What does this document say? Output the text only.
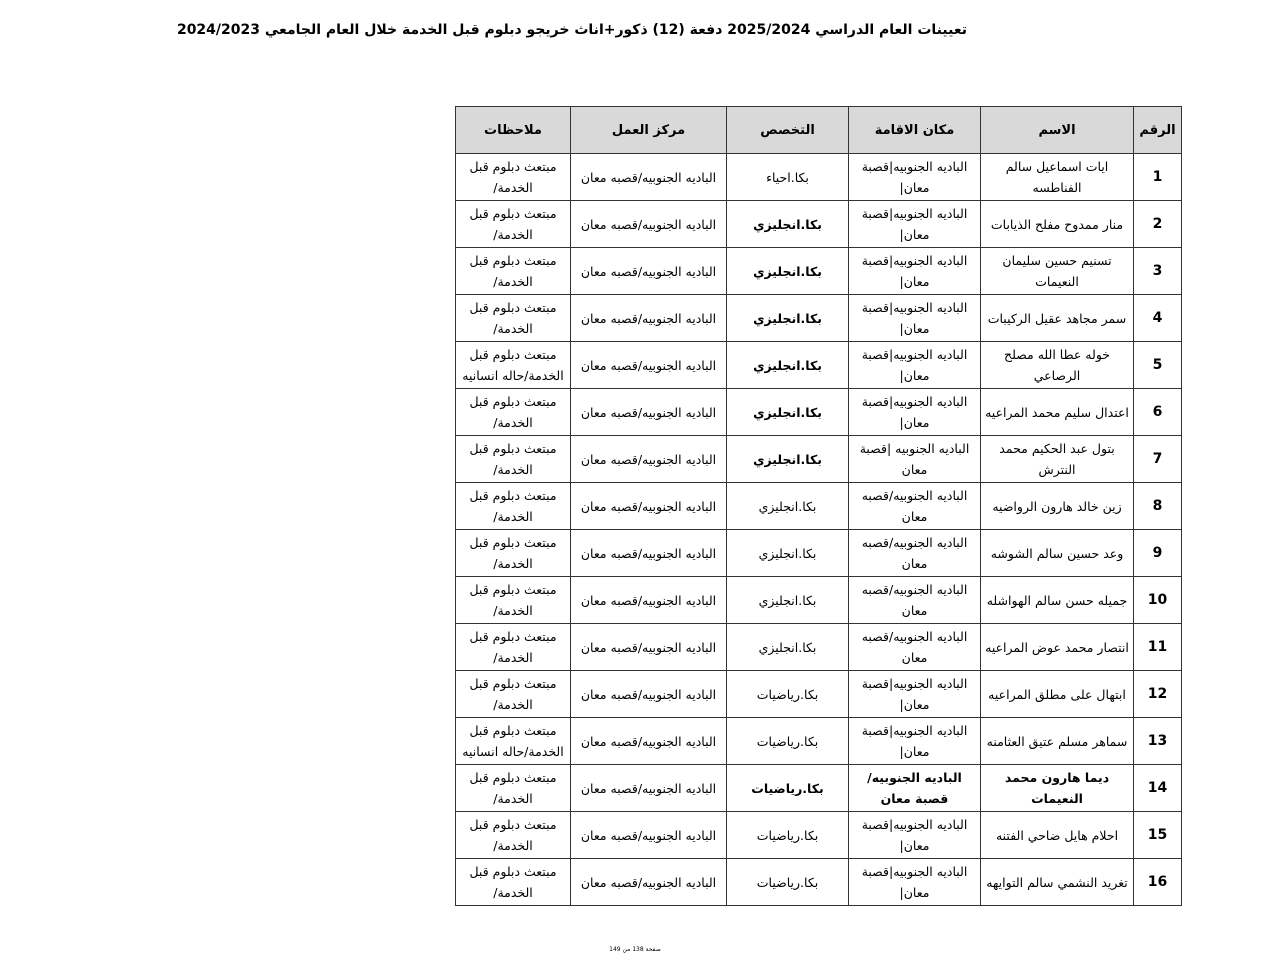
تعيينات العام الدراسي 2025/2024 دفعة (12) ذكور+اناث خريجو دبلوم قبل الخدمة خلال العام الجامعي 2024/2023
الرقم	الاسم	مكان الاقامة	التخصص	مركز العمل	ملاحظات
1	ايات اسماعيل سالم الفناطسه	الباديه الجنوبيه|قصبة معان|	بكا.احياء	الباديه الجنوبيه/قصبه معان	مبتعث دبلوم قبل الخدمة/
2	منار ممدوح مفلح الذيابات	الباديه الجنوبيه|قصبة معان|	بكا.انجليزي	الباديه الجنوبيه/قصبه معان	مبتعث دبلوم قبل الخدمة/
3	تسنيم حسين سليمان النعيمات	الباديه الجنوبيه|قصبة معان|	بكا.انجليزي	الباديه الجنوبيه/قصبه معان	مبتعث دبلوم قبل الخدمة/
4	سمر مجاهد عقيل الركيبات	الباديه الجنوبيه|قصبة معان|	بكا.انجليزي	الباديه الجنوبيه/قصبه معان	مبتعث دبلوم قبل الخدمة/
5	خوله عطا الله مصلح الرصاعي	الباديه الجنوبيه|قصبة معان|	بكا.انجليزي	الباديه الجنوبيه/قصبه معان	مبتعث دبلوم قبل الخدمة/حاله انسانيه
6	اعتدال سليم محمد المراعيه	الباديه الجنوبيه|قصبة معان|	بكا.انجليزي	الباديه الجنوبيه/قصبه معان	مبتعث دبلوم قبل الخدمة/
7	بتول عبد الحكيم محمد النترش	الباديه الجنوبيه |قصبة معان	بكا.انجليزي	الباديه الجنوبيه/قصبه معان	مبتعث دبلوم قبل الخدمة/
8	زين خالد هارون الرواضيه	الباديه الجنوبيه/قصبه معان	بكا.انجليزي	الباديه الجنوبيه/قصبه معان	مبتعث دبلوم قبل الخدمة/
9	وعد حسين سالم الشوشه	الباديه الجنوبيه/قصبه معان	بكا.انجليزي	الباديه الجنوبيه/قصبه معان	مبتعث دبلوم قبل الخدمة/
10	جميله حسن سالم الهواشله	الباديه الجنوبيه/قصبه معان	بكا.انجليزي	الباديه الجنوبيه/قصبه معان	مبتعث دبلوم قبل الخدمة/
11	انتصار محمد عوض المراعيه	الباديه الجنوبيه/قصبه معان	بكا.انجليزي	الباديه الجنوبيه/قصبه معان	مبتعث دبلوم قبل الخدمة/
12	ابتهال على مطلق المراعيه	الباديه الجنوبيه|قصبة معان|	بكا.رياضيات	الباديه الجنوبيه/قصبه معان	مبتعث دبلوم قبل الخدمة/
13	سماهر مسلم عتيق العثامنه	الباديه الجنوبيه|قصبة معان|	بكا.رياضيات	الباديه الجنوبيه/قصبه معان	مبتعث دبلوم قبل الخدمة/حاله انسانيه
14	ديما هارون محمد النعيمات	الباديه الجنوبيه/قصبة معان	بكا.رياضيات	الباديه الجنوبيه/قصبه معان	مبتعث دبلوم قبل الخدمة/
15	احلام هايل ضاحي الفتنه	الباديه الجنوبيه|قصبة معان|	بكا.رياضيات	الباديه الجنوبيه/قصبه معان	مبتعث دبلوم قبل الخدمة/
16	تغريد النشمي سالم التوايهه	الباديه الجنوبيه|قصبة معان|	بكا.رياضيات	الباديه الجنوبيه/قصبه معان	مبتعث دبلوم قبل الخدمة/
صفحة 138 من 149
